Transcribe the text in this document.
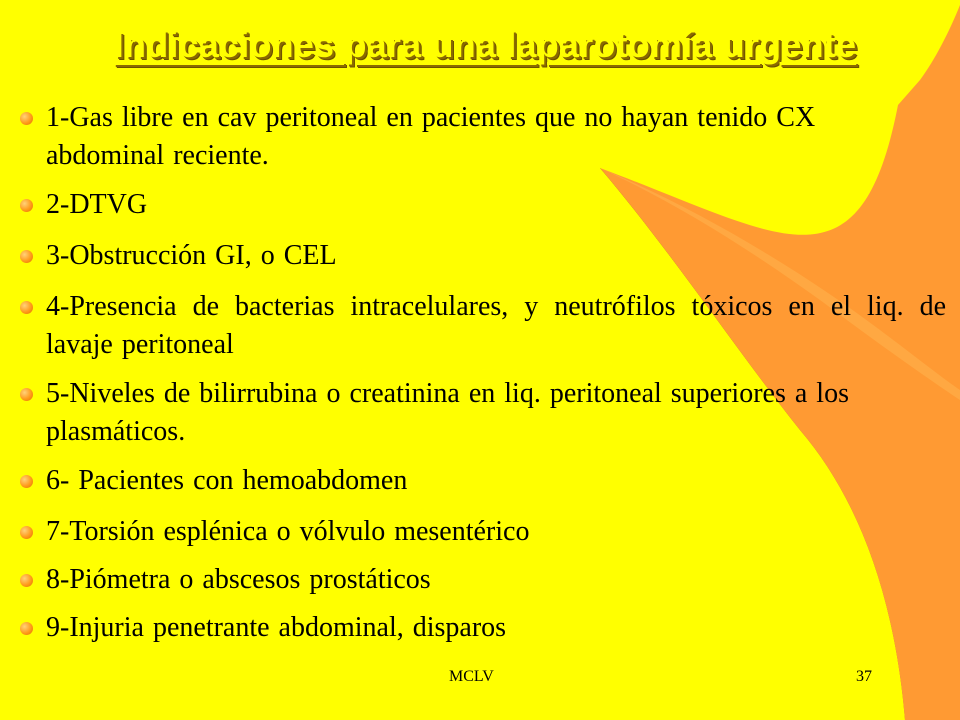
Indicaciones para una laparotomía urgente
1-Gas libre en cav peritoneal en pacientes que no hayan tenido CX abdominal reciente.
2-DTVG
3-Obstrucción GI, o CEL
4-Presencia de bacterias intracelulares, y neutrófilos tóxicos en el liq. de lavaje peritoneal
5-Niveles de bilirrubina o creatinina en liq. peritoneal superiores a los plasmáticos.
6- Pacientes con hemoabdomen
7-Torsión esplénica o vólvulo mesentérico
8-Piómetra o abscesos prostáticos
9-Injuria penetrante abdominal, disparos
MCLV	37
